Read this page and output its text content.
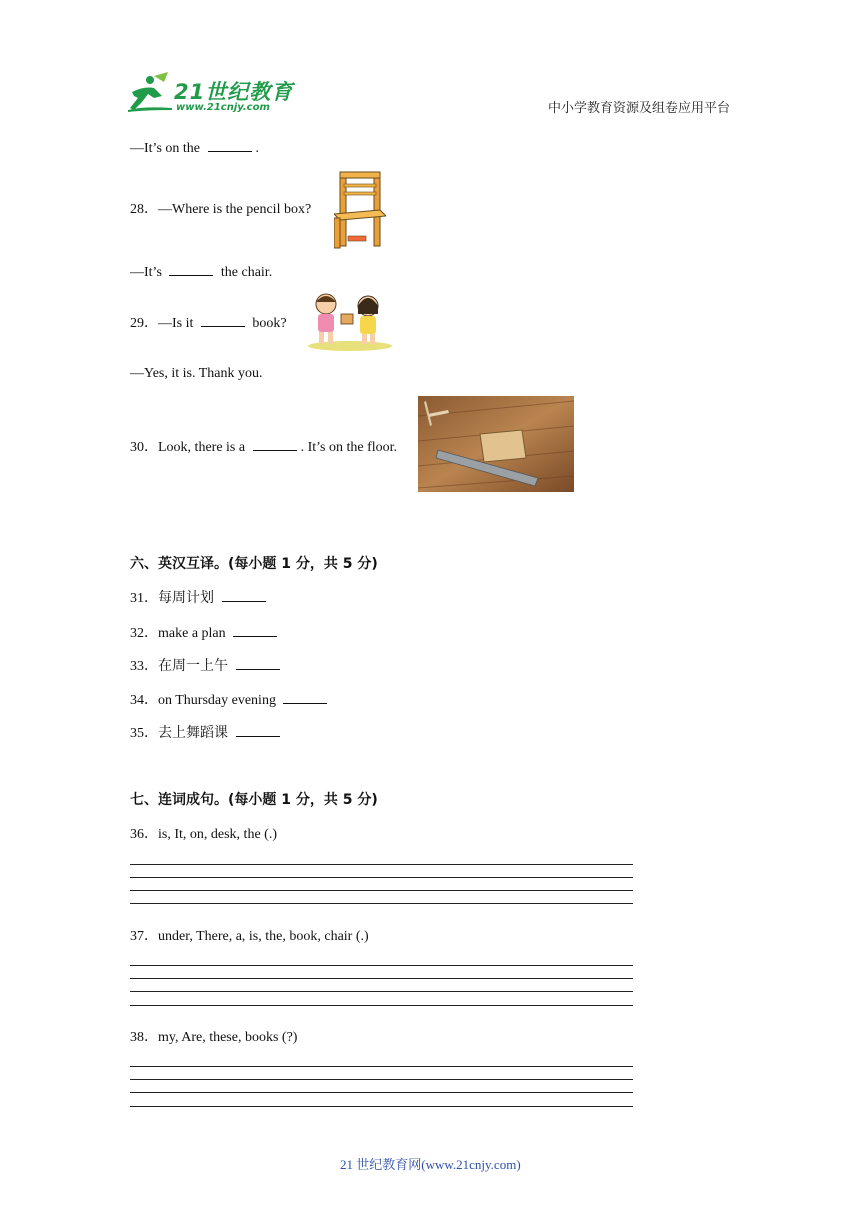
21世纪教育
www.21cnjy.com	中小学教育资源及组卷应用平台
—It’s on the	.
28．—Where is the pencil box?
—It’s	the chair.
29．—Is it	book?
—Yes, it is. Thank you.
30．Look, there is a	. It’s on the floor.
六、英汉互译。(每小题 1 分，共 5 分)
31．每周计划
32．make a plan
33．在周一上午
34．on Thursday evening
35．去上舞蹈课
七、连词成句。(每小题 1 分，共 5 分)
36．is, It, on, desk, the (.)
37．under, There, a, is, the, book, chair (.)
38．my, Are, these, books (?)
21 世纪教育网(www.21cnjy.com)
